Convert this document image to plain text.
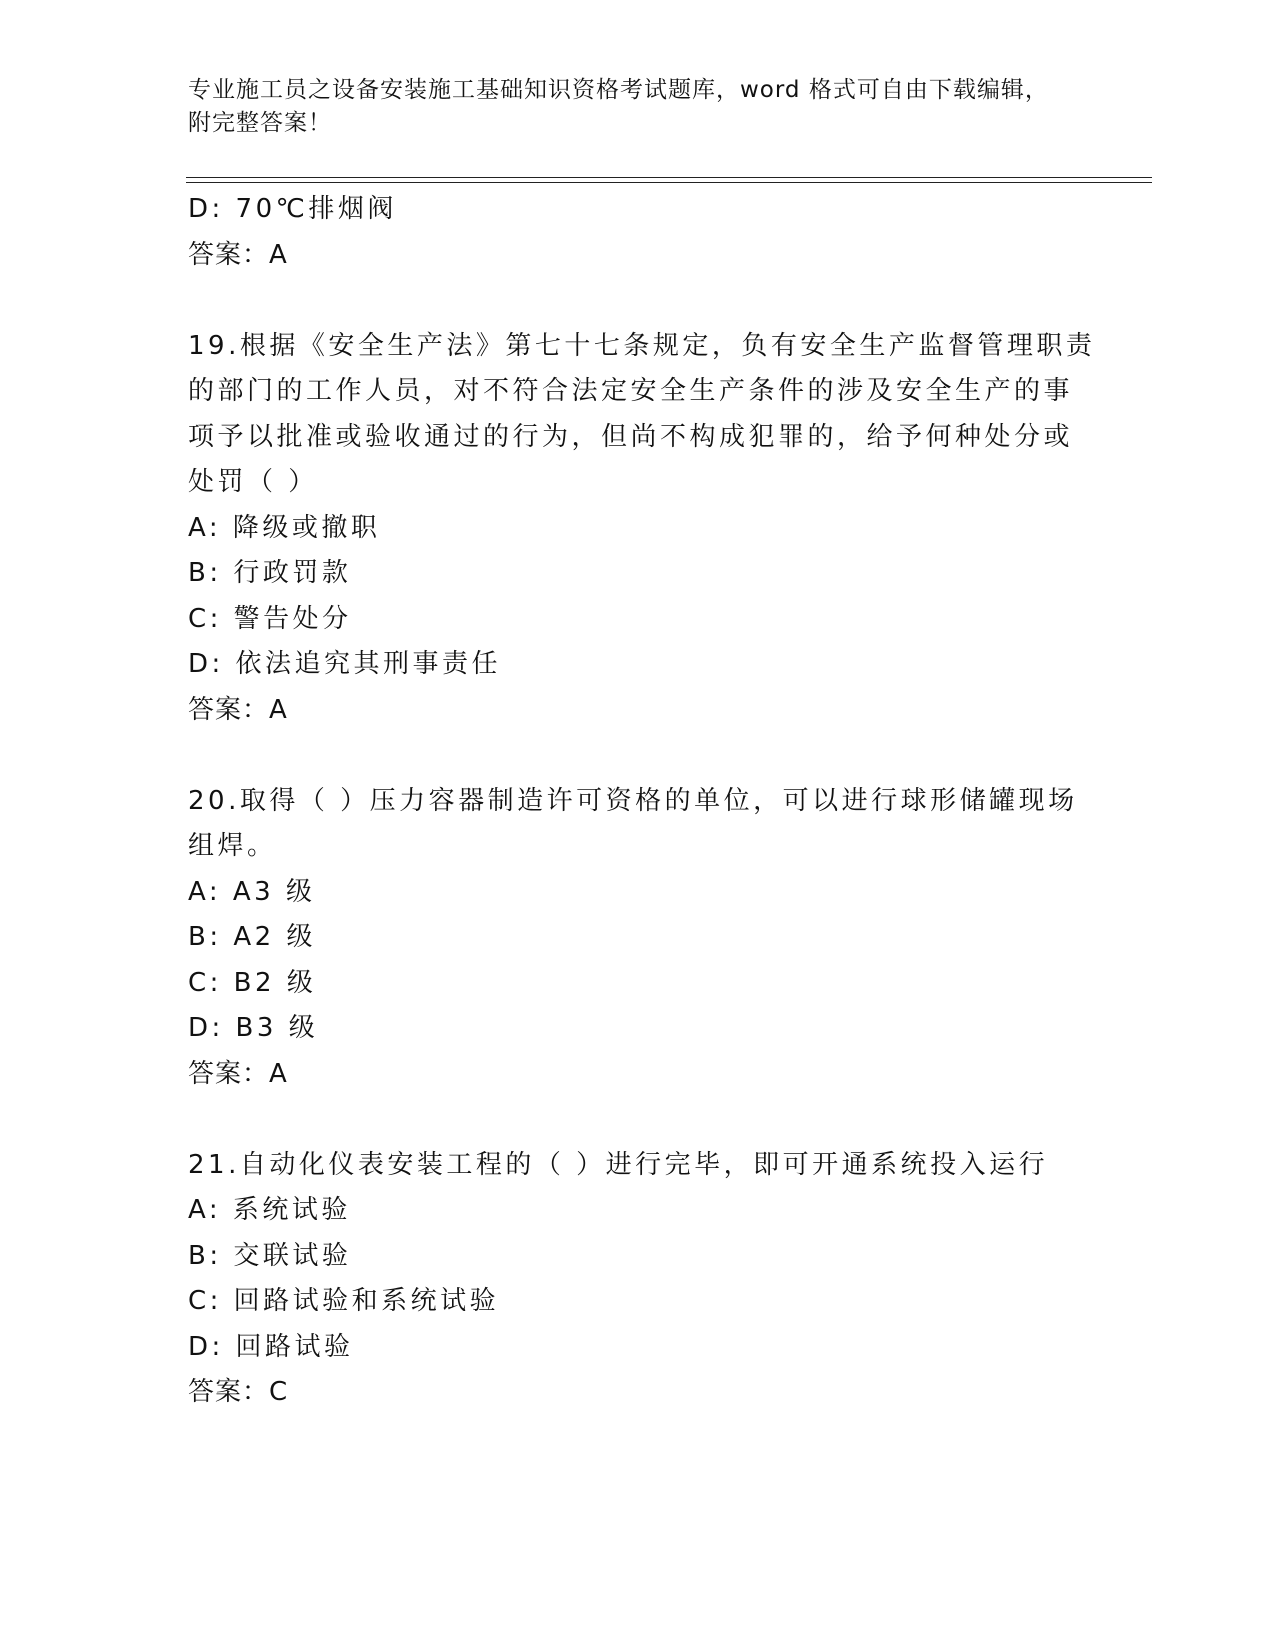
专业施工员之设备安装施工基础知识资格考试题库，word 格式可自由下载编辑，
附完整答案！
D: 70℃排烟阀
答案：A
19.根据《安全生产法》第七十七条规定，负有安全生产监督管理职责
的部门的工作人员，对不符合法定安全生产条件的涉及安全生产的事
项予以批准或验收通过的行为，但尚不构成犯罪的，给予何种处分或
处罚（ ）
A: 降级或撤职
B: 行政罚款
C: 警告处分
D: 依法追究其刑事责任
答案：A
20.取得（ ）压力容器制造许可资格的单位，可以进行球形储罐现场
组焊。
A: A3 级
B: A2 级
C: B2 级
D: B3 级
答案：A
21.自动化仪表安装工程的（ ）进行完毕，即可开通系统投入运行
A: 系统试验
B: 交联试验
C: 回路试验和系统试验
D: 回路试验
答案：C
